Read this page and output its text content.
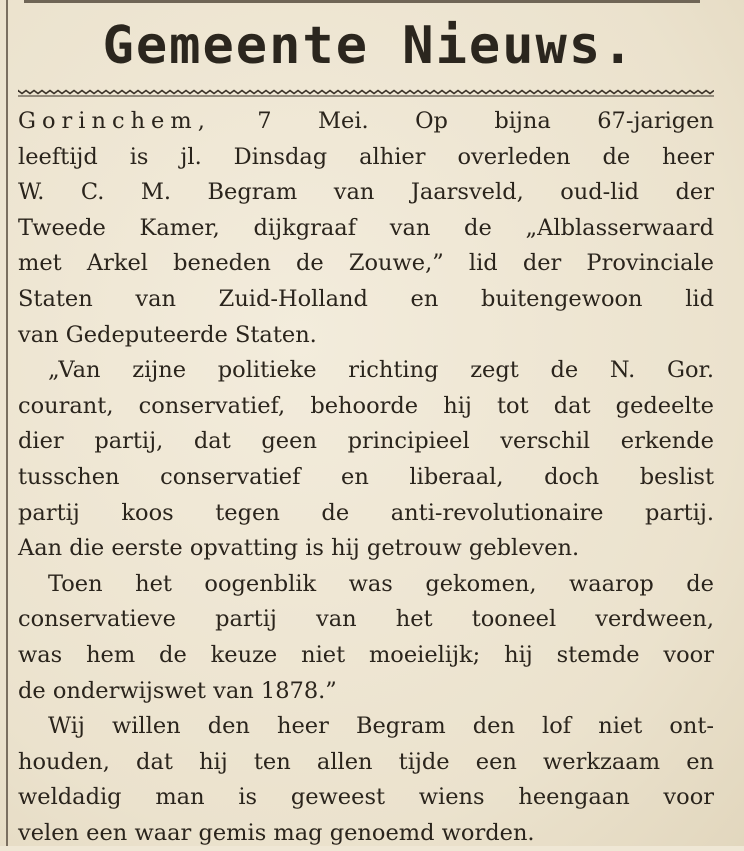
Gemeente Nieuws.
Gorinchem, 7 Mei. Op bijna 67-jarigen
leeftijd is jl. Dinsdag alhier overleden de heer
W. C. M. Begram van Jaarsveld, oud-lid der
Tweede Kamer, dijkgraaf van de „Alblasserwaard
met Arkel beneden de Zouwe,” lid der Provinciale
Staten van Zuid-Holland en buitengewoon lid
van Gedeputeerde Staten.
„Van zijne politieke richting zegt de N. Gor.
courant, conservatief, behoorde hij tot dat gedeelte
dier partij, dat geen principieel verschil erkende
tusschen conservatief en liberaal, doch beslist
partij koos tegen de anti-revolutionaire partij.
Aan die eerste opvatting is hij getrouw gebleven.
Toen het oogenblik was gekomen, waarop de
conservatieve partij van het tooneel verdween,
was hem de keuze niet moeielijk; hij stemde voor
de onderwijswet van 1878.”
Wij willen den heer Begram den lof niet ont-
houden, dat hij ten allen tijde een werkzaam en
weldadig man is geweest wiens heengaan voor
velen een waar gemis mag genoemd worden.
